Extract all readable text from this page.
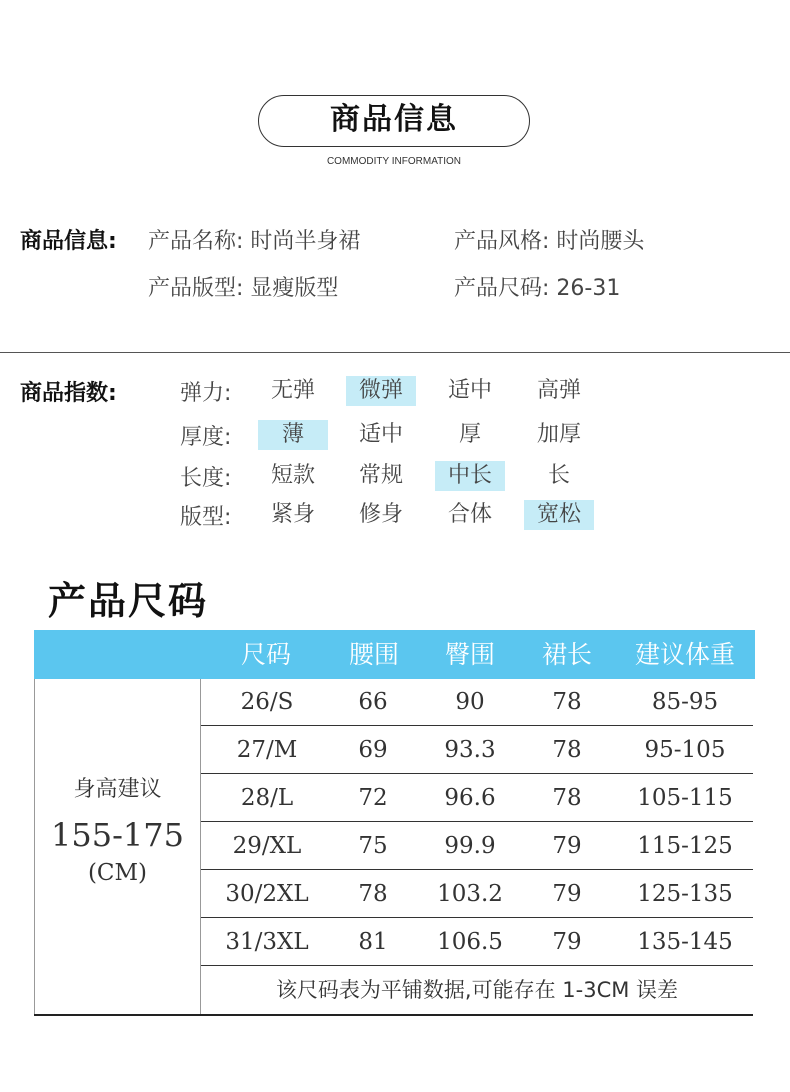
商品信息
COMMODITY INFORMATION
商品信息: 产品名称: 时尚半身裙	产品风格: 时尚腰头
产品版型: 显瘦版型	产品尺码: 26-31
商品指数:	弹力:	无弹	微弹	适中	高弹
厚度:	薄	适中	厚	加厚
长度:	短款	常规	中长	长
版型:	紧身	修身	合体	宽松
产品尺码
尺码	腰围	臀围	裙长	建议体重
身高建议
155-175
(CM)
26/S	66	90	78	85-95
27/M	69	93.3	78	95-105
28/L	72	96.6	78	105-115
29/XL	75	99.9	79	115-125
30/2XL	78	103.2	79	125-135
31/3XL	81	106.5	79	135-145
该尺码表为平铺数据,可能存在 1-3CM 误差
